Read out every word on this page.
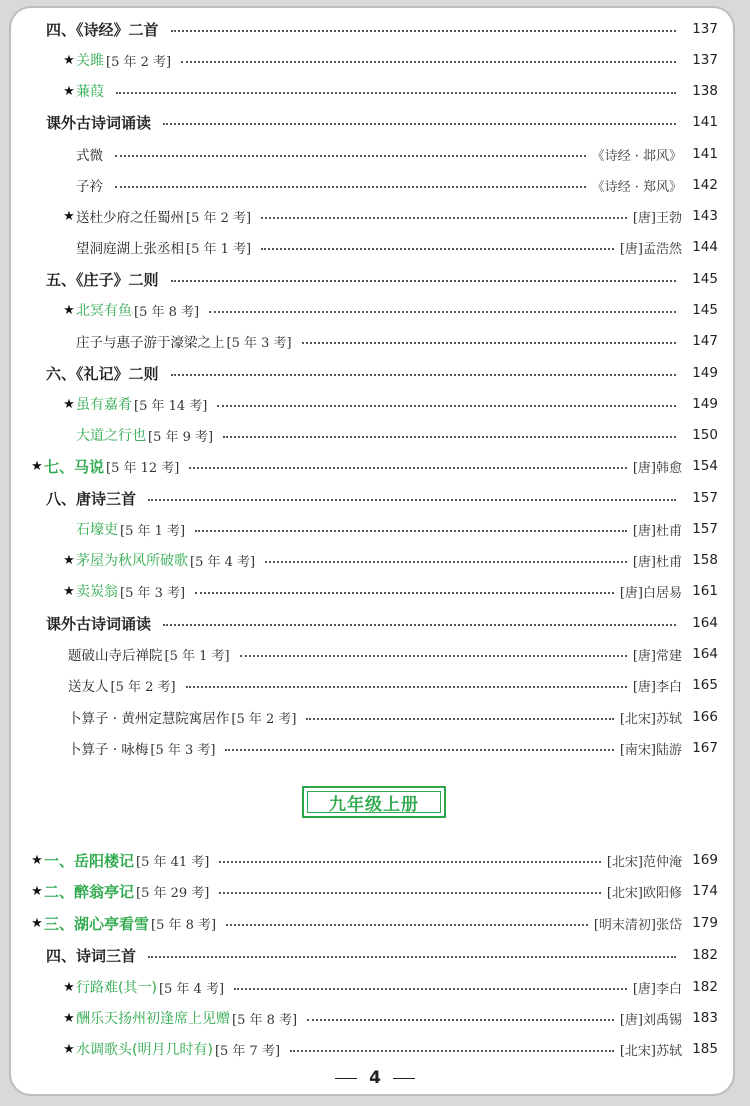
四、《诗经》二首	137
★ 关雎 [5 年 2 考]	137
★ 蒹葭	138
课外古诗词诵读	141
式微	《诗经 · 邶风》 141
子衿	《诗经 · 郑风》 142
★ 送杜少府之任蜀州 [5 年 2 考]	[唐]王勃 143
望洞庭湖上张丞相 [5 年 1 考]	[唐]孟浩然 144
五、《庄子》二则	145
★ 北冥有鱼 [5 年 8 考]	145
庄子与惠子游于濠梁之上 [5 年 3 考]	147
六、《礼记》二则	149
★ 虽有嘉肴 [5 年 14 考]	149
大道之行也 [5 年 9 考]	150
★ 七、马说 [5 年 12 考]	[唐]韩愈 154
八、唐诗三首	157
石壕吏 [5 年 1 考]	[唐]杜甫 157
★ 茅屋为秋风所破歌 [5 年 4 考]	[唐]杜甫 158
★ 卖炭翁 [5 年 3 考]	[唐]白居易 161
课外古诗词诵读	164
题破山寺后禅院 [5 年 1 考]	[唐]常建 164
送友人 [5 年 2 考]	[唐]李白 165
卜算子 · 黄州定慧院寓居作 [5 年 2 考]	[北宋]苏轼 166
卜算子 · 咏梅 [5 年 3 考]	[南宋]陆游 167
★ 一、岳阳楼记 [5 年 41 考]	[北宋]范仲淹 169
★ 二、醉翁亭记 [5 年 29 考]	[北宋]欧阳修 174
★ 三、湖心亭看雪 [5 年 8 考]	[明末清初]张岱 179
四、诗词三首	182
★ 行路难(其一) [5 年 4 考]	[唐]李白 182
★ 酬乐天扬州初逢席上见赠 [5 年 8 考]	[唐]刘禹锡 183
★ 水调歌头(明月几时有) [5 年 7 考]	[北宋]苏轼 185
九年级上册
4
